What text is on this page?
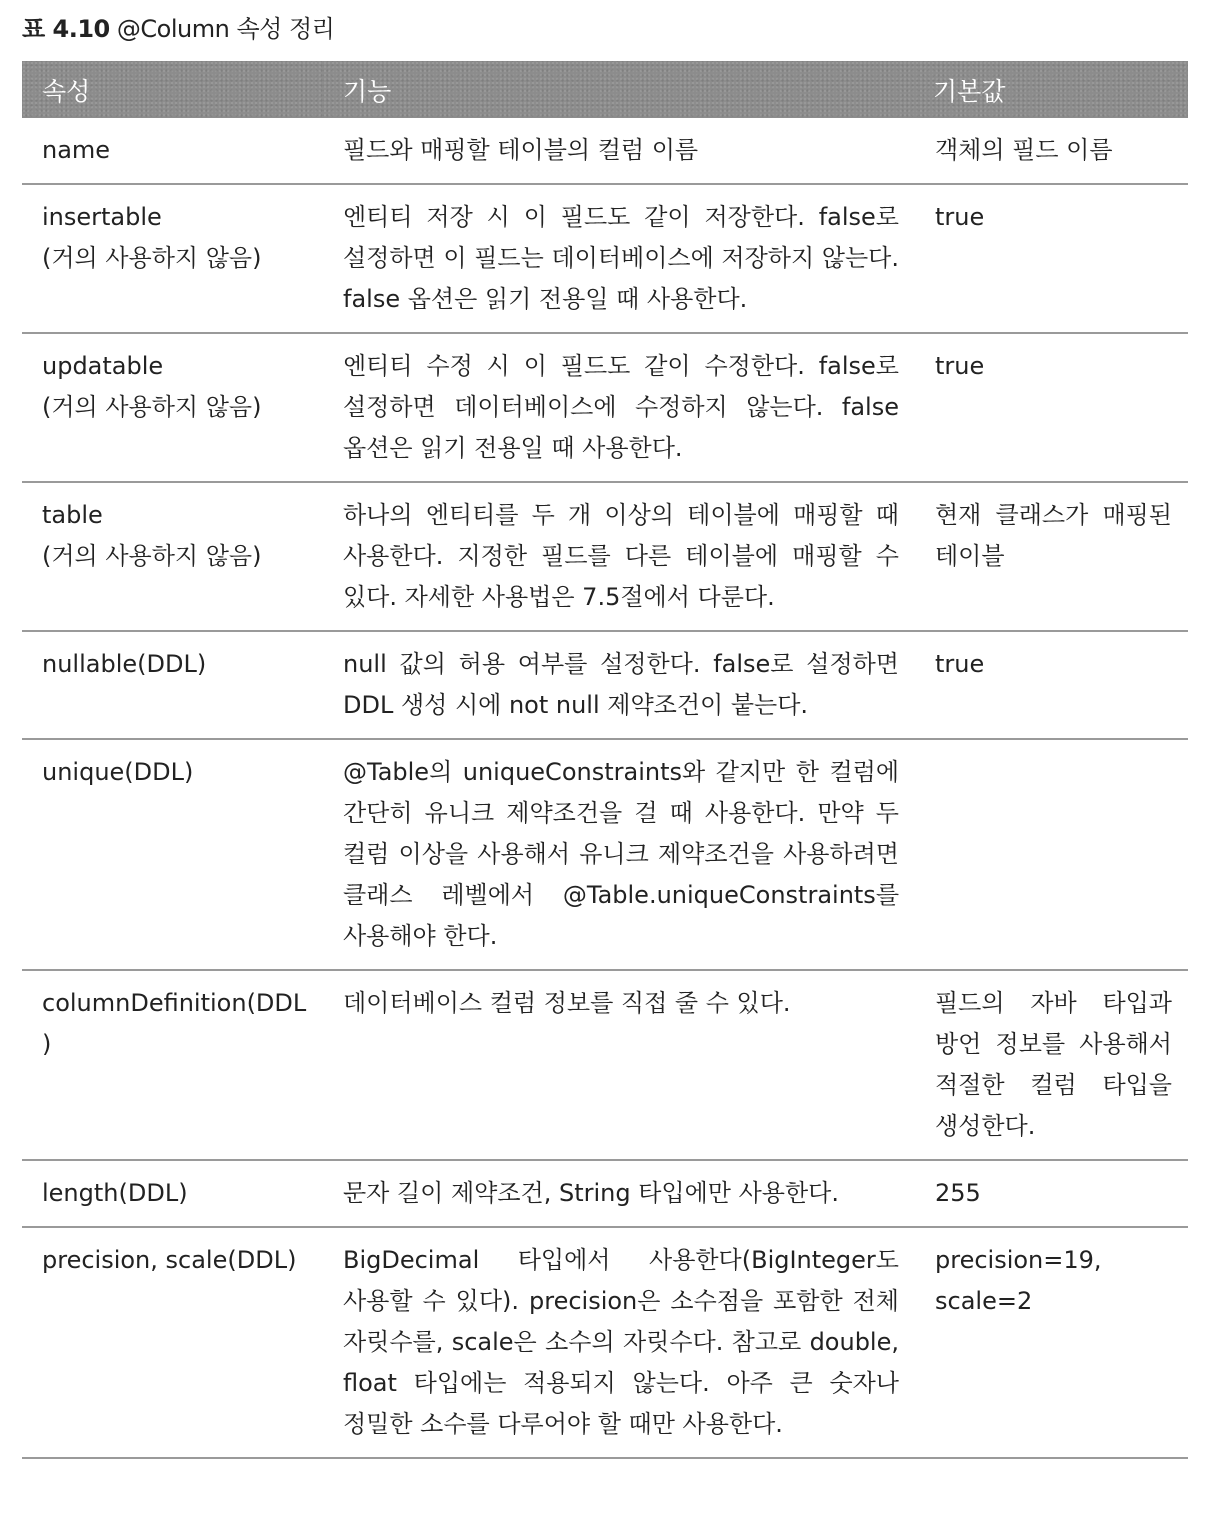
표 4.10 @Column 속성 정리
속성	기능	기본값

name	필드와 매핑할 테이블의 컬럼 이름	객체의 필드 이름

insertable
(거의 사용하지 않음)	엔티티 저장 시 이 필드도 같이 저장한다. false로 설정하면 이 필드는 데이터베이스에 저장하지 않는다. false 옵션은 읽기 전용일 때 사용한다.	true

updatable
(거의 사용하지 않음)	엔티티 수정 시 이 필드도 같이 수정한다. false로 설정하면 데이터베이스에 수정하지 않는다. false 옵션은 읽기 전용일 때 사용한다.	true

table
(거의 사용하지 않음)	하나의 엔티티를 두 개 이상의 테이블에 매핑할 때 사용한다. 지정한 필드를 다른 테이블에 매핑할 수 있다. 자세한 사용법은 7.5절에서 다룬다.	현재 클래스가 매핑된 테이블

nullable(DDL)	null 값의 허용 여부를 설정한다. false로 설정하면 DDL 생성 시에 not null 제약조건이 붙는다.	true

unique(DDL)	@Table의 uniqueConstraints와 같지만 한 컬럼에 간단히 유니크 제약조건을 걸 때 사용한다. 만약 두 컬럼 이상을 사용해서 유니크 제약조건을 사용하려면 클래스 레벨에서 @Table.uniqueConstraints를 사용해야 한다.	

columnDefinition(DDL)	데이터베이스 컬럼 정보를 직접 줄 수 있다.	필드의 자바 타입과 방언 정보를 사용해서 적절한 컬럼 타입을 생성한다.

length(DDL)	문자 길이 제약조건, String 타입에만 사용한다.	255

precision, scale(DDL)	BigDecimal 타입에서 사용한다(BigInteger도 사용할 수 있다). precision은 소수점을 포함한 전체 자릿수를, scale은 소수의 자릿수다. 참고로 double, float 타입에는 적용되지 않는다. 아주 큰 숫자나 정밀한 소수를 다루어야 할 때만 사용한다.	precision=19, scale=2
